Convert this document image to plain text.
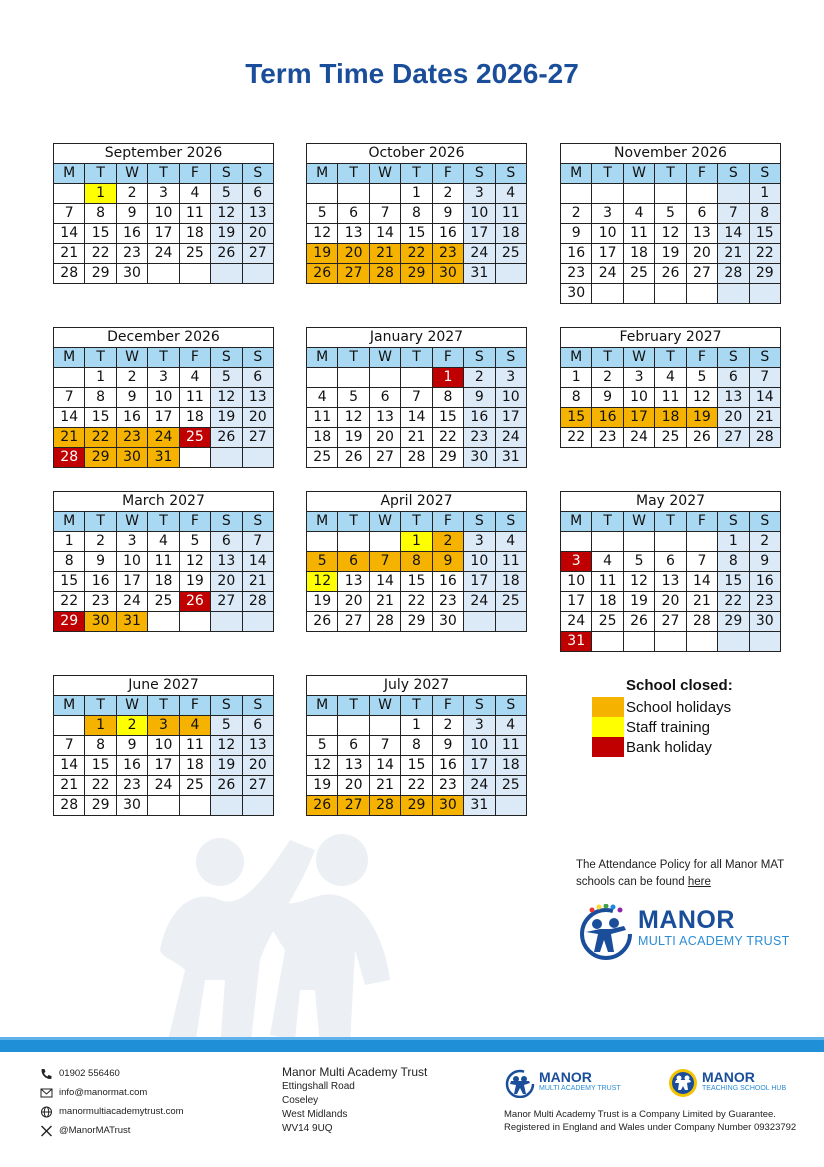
Term Time Dates 2026-27
September 2026						
M	T	W	T	F	S	S
	1	2	3	4	5	6
7	8	9	10	11	12	13
14	15	16	17	18	19	20
21	22	23	24	25	26	27
28	29	30				
October 2026						
M	T	W	T	F	S	S
			1	2	3	4
5	6	7	8	9	10	11
12	13	14	15	16	17	18
19	20	21	22	23	24	25
26	27	28	29	30	31	
November 2026						
M	T	W	T	F	S	S
						1
2	3	4	5	6	7	8
9	10	11	12	13	14	15
16	17	18	19	20	21	22
23	24	25	26	27	28	29
30						
December 2026						
M	T	W	T	F	S	S
	1	2	3	4	5	6
7	8	9	10	11	12	13
14	15	16	17	18	19	20
21	22	23	24	25	26	27
28	29	30	31			
January 2027						
M	T	W	T	F	S	S
				1	2	3
4	5	6	7	8	9	10
11	12	13	14	15	16	17
18	19	20	21	22	23	24
25	26	27	28	29	30	31
February 2027						
M	T	W	T	F	S	S
1	2	3	4	5	6	7
8	9	10	11	12	13	14
15	16	17	18	19	20	21
22	23	24	25	26	27	28
March 2027						
M	T	W	T	F	S	S
1	2	3	4	5	6	7
8	9	10	11	12	13	14
15	16	17	18	19	20	21
22	23	24	25	26	27	28
29	30	31				
April 2027						
M	T	W	T	F	S	S
			1	2	3	4
5	6	7	8	9	10	11
12	13	14	15	16	17	18
19	20	21	22	23	24	25
26	27	28	29	30		
May 2027						
M	T	W	T	F	S	S
					1	2
3	4	5	6	7	8	9
10	11	12	13	14	15	16
17	18	19	20	21	22	23
24	25	26	27	28	29	30
31						
June 2027						
M	T	W	T	F	S	S
	1	2	3	4	5	6
7	8	9	10	11	12	13
14	15	16	17	18	19	20
21	22	23	24	25	26	27
28	29	30				
July 2027						
M	T	W	T	F	S	S
			1	2	3	4
5	6	7	8	9	10	11
12	13	14	15	16	17	18
19	20	21	22	23	24	25
26	27	28	29	30	31	
School closed:
School holidays
Staff training
Bank holiday
The Attendance Policy for all Manor MAT schools can be found here
MANOR
MULTI ACADEMY TRUST
01902 556460
info@manormat.com
manormultiacademytrust.com
@ManorMATrust
Manor Multi Academy Trust
Ettingshall Road
Coseley
West Midlands
WV14 9UQ
MANOR
MULTI ACADEMY TRUST
MANOR
TEACHING SCHOOL HUB
Manor Multi Academy Trust is a Company Limited by Guarantee.
Registered in England and Wales under Company Number 09323792
